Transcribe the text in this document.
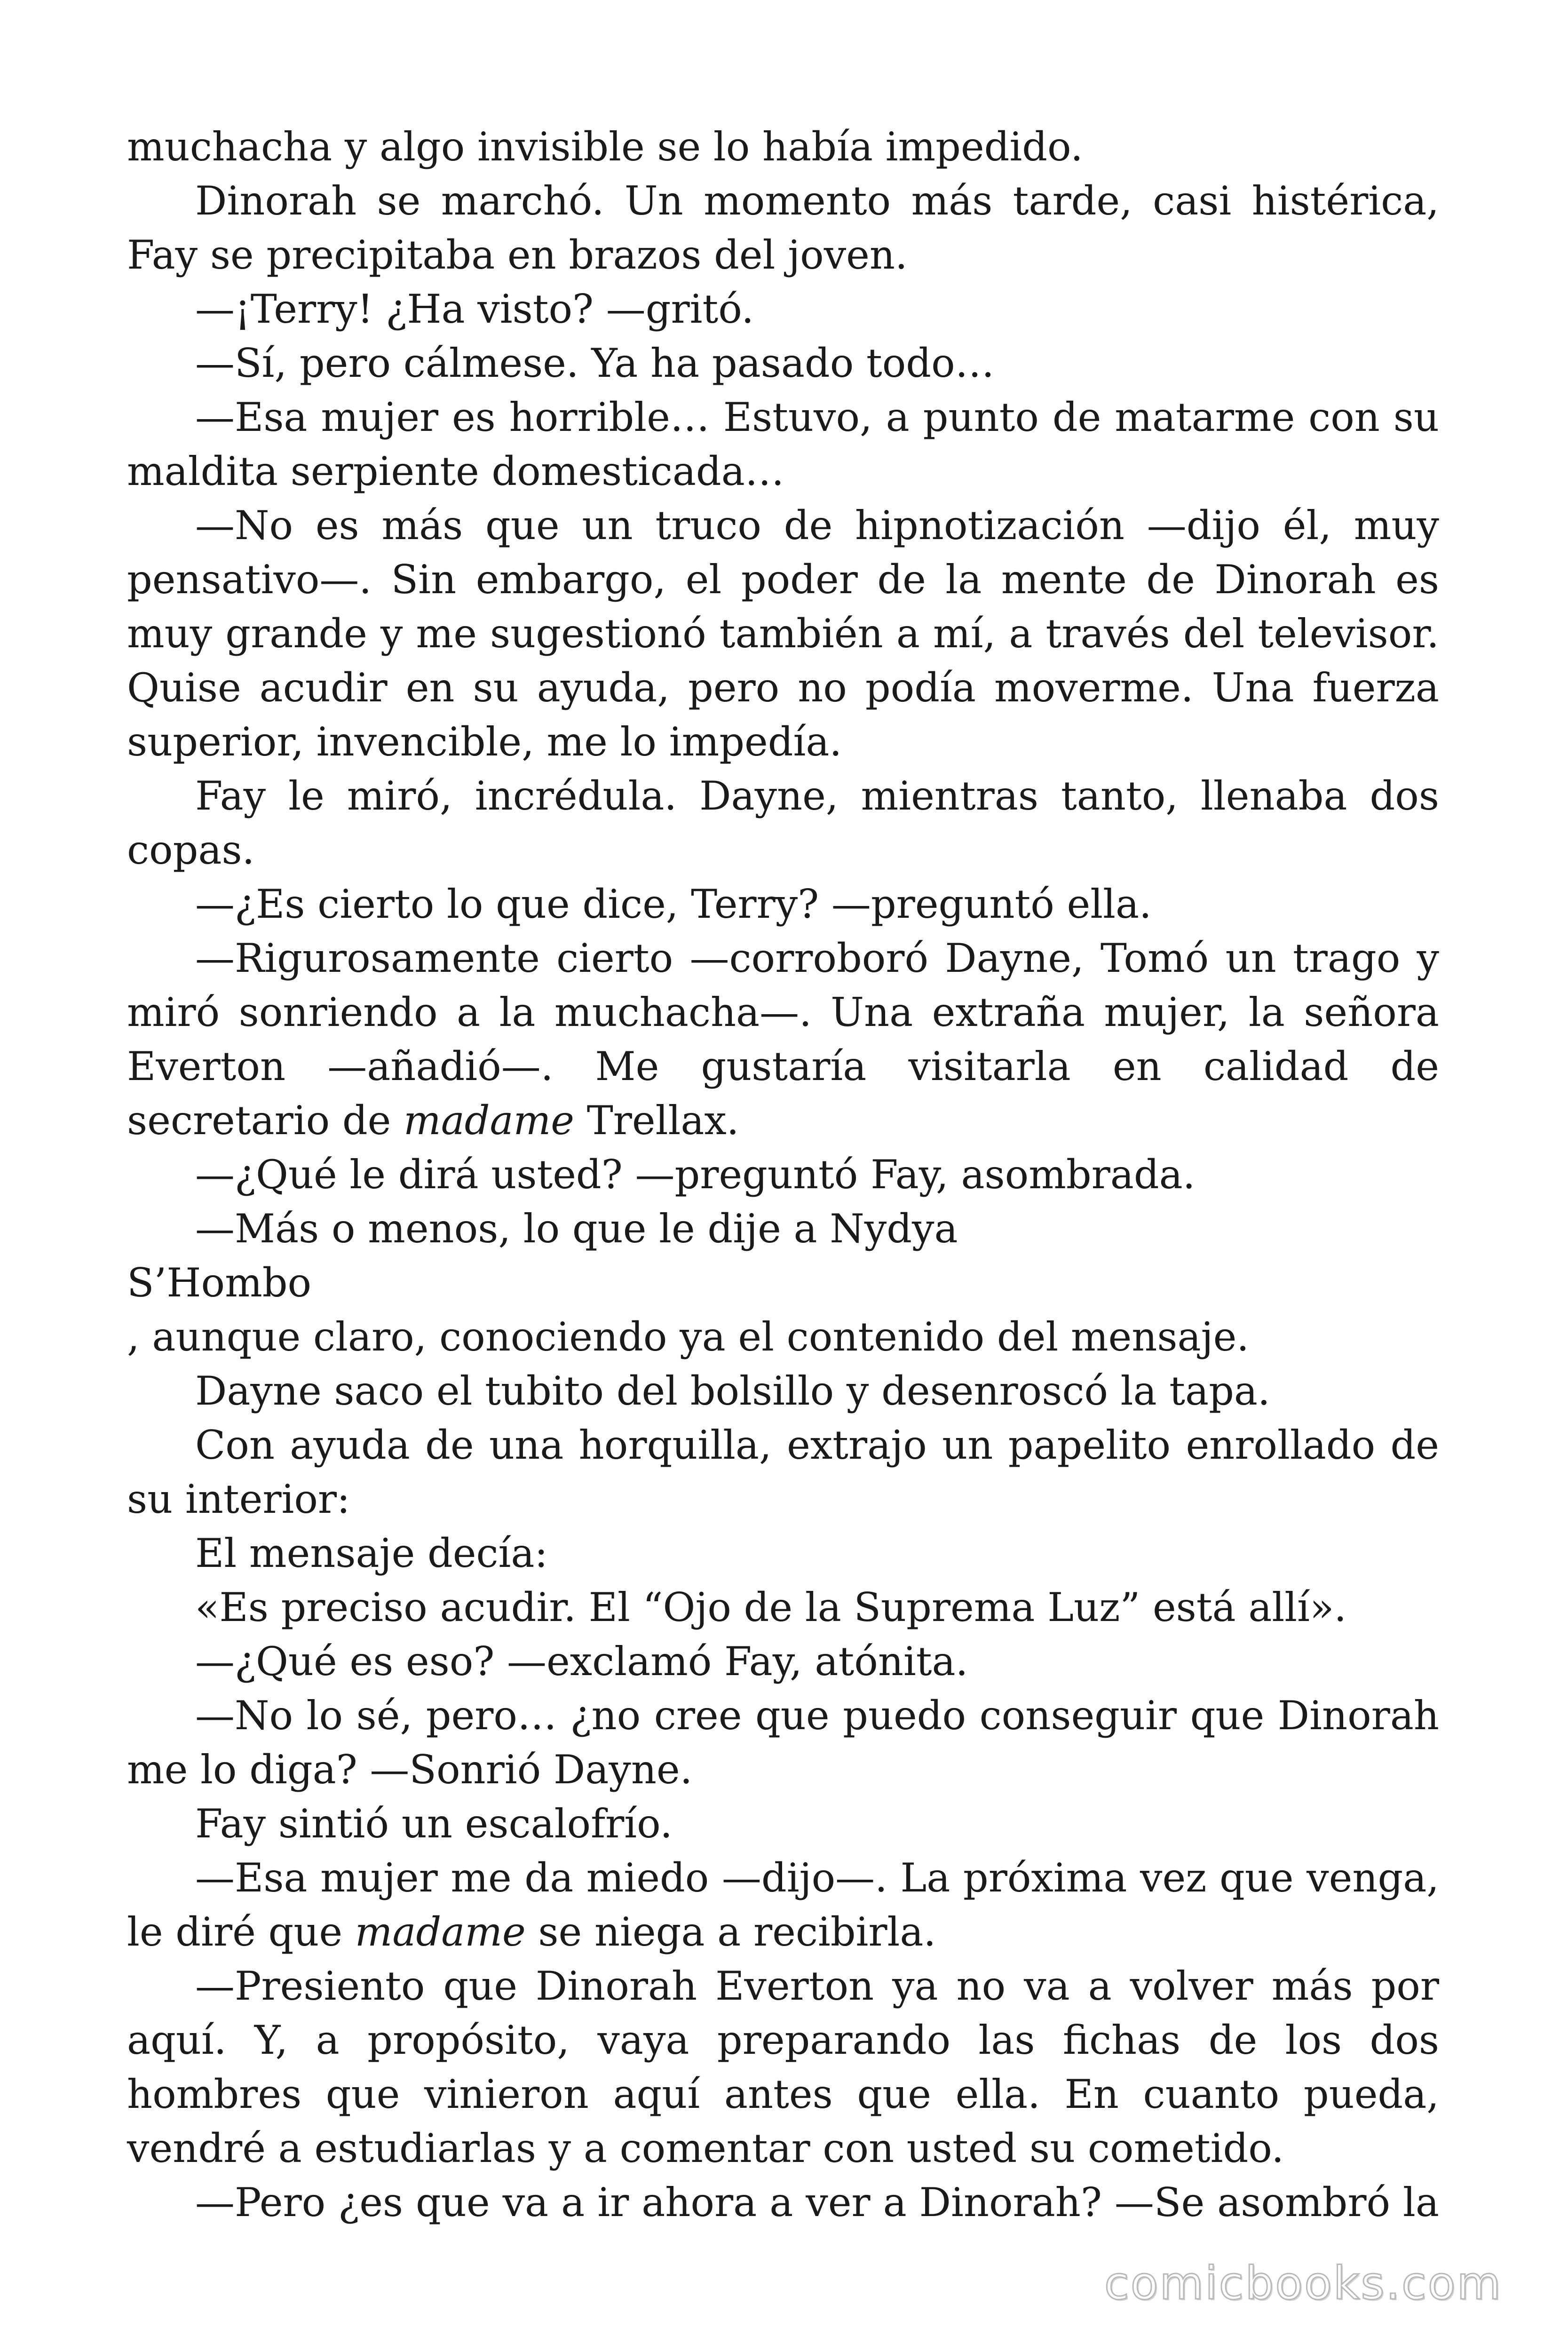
muchacha y algo invisible se lo había impedido.

Dinorah se marchó. Un momento más tarde, casi histérica, Fay se precipitaba en brazos del joven.

—¡Terry! ¿Ha visto? —gritó.

—Sí, pero cálmese. Ya ha pasado todo…

—Esa mujer es horrible… Estuvo, a punto de matarme con su maldita serpiente domesticada…

—No es más que un truco de hipnotización —dijo él, muy pensativo—. Sin embargo, el poder de la mente de Dinorah es muy grande y me sugestionó también a mí, a través del televisor. Quise acudir en su ayuda, pero no podía moverme. Una fuerza superior, invencible, me lo impedía.

Fay le miró, incrédula. Dayne, mientras tanto, llenaba dos copas.

—¿Es cierto lo que dice, Terry? —preguntó ella.

—Rigurosamente cierto —corroboró Dayne, Tomó un trago y miró sonriendo a la muchacha—. Una extraña mujer, la señora Everton —añadió—. Me gustaría visitarla en calidad de secretario de madame Trellax.

—¿Qué le dirá usted? —preguntó Fay, asombrada.

—Más o menos, lo que le dije a Nydya

S’Hombo

, aunque claro, conociendo ya el contenido del mensaje.

Dayne saco el tubito del bolsillo y desenroscó la tapa.

Con ayuda de una horquilla, extrajo un papelito enrollado de su interior:

El mensaje decía:

«Es preciso acudir. El “Ojo de la Suprema Luz” está allí».

—¿Qué es eso? —exclamó Fay, atónita.

—No lo sé, pero… ¿no cree que puedo conseguir que Dinorah me lo diga? —Sonrió Dayne.

Fay sintió un escalofrío.

—Esa mujer me da miedo —dijo—. La próxima vez que venga, le diré que madame se niega a recibirla.

—Presiento que Dinorah Everton ya no va a volver más por aquí. Y, a propósito, vaya preparando las fichas de los dos hombres que vinieron aquí antes que ella. En cuanto pueda, vendré a estudiarlas y a comentar con usted su cometido.

—Pero ¿es que va a ir ahora a ver a Dinorah? —Se asombró la

comicbooks.com
